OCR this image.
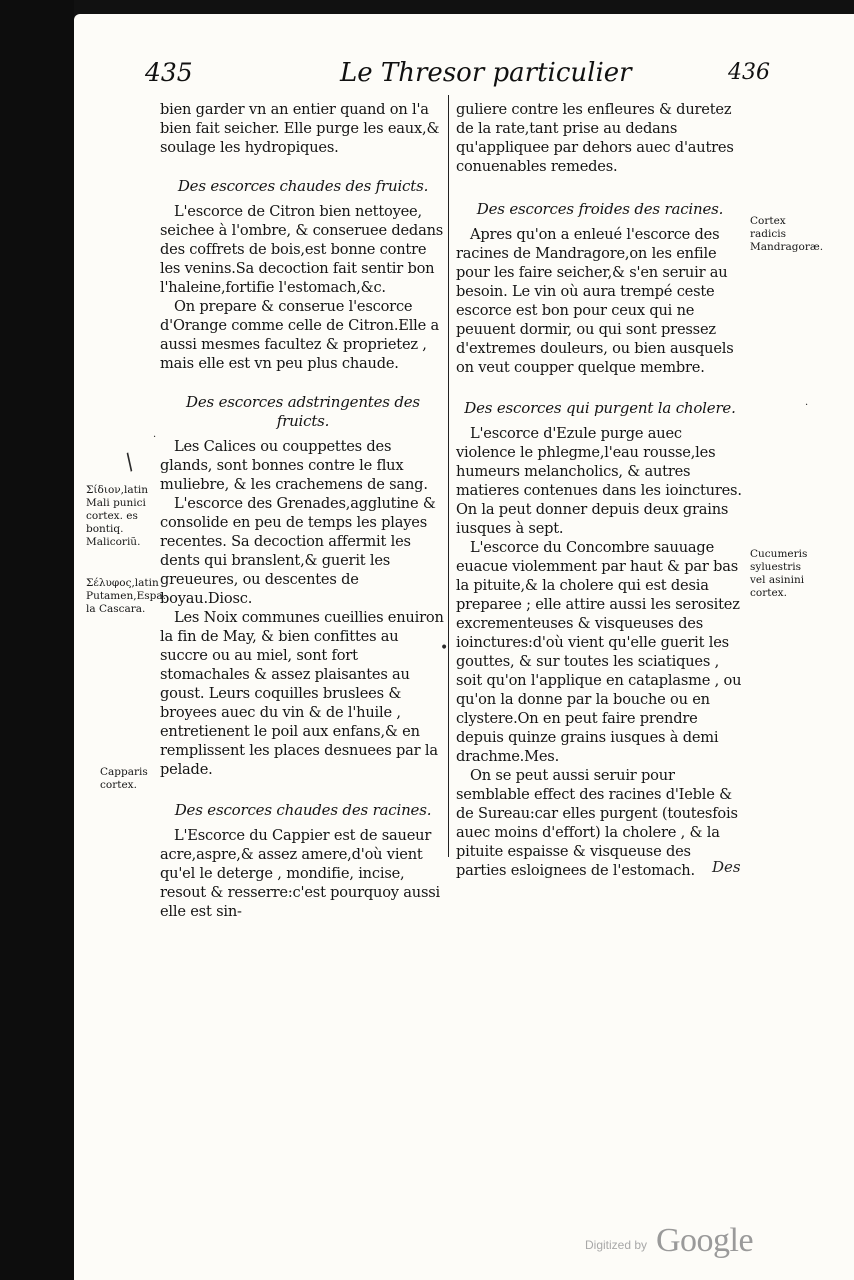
435	Le Thresor particulier	436

bien garder vn an entier quand on l'a bien fait seicher. Elle purge les eaux,& soulage les hydropiques.

Des escorces chaudes des fruicts.

L'escorce de Citron bien nettoyee, seichee à l'ombre, & conseruee dedans des coffrets de bois,est bonne contre les venins.Sa decoction fait sentir bon l'haleine,fortifie l'estomach,&c.

On prepare & conserue l'escorce d'Orange comme celle de Citron.Elle a aussi mesmes facultez & proprietez , mais elle est vn peu plus chaude.

Des escorces adstringentes des fruicts.

Les Calices ou couppettes des glands, sont bonnes contre le flux muliebre, & les crachemens de sang.

L'escorce des Grenades,agglutine & consolide en peu de temps les playes recentes. Sa decoction affermit les dents qui branslent,& guerit les greueures, ou descentes de boyau.Diosc.

Les Noix communes cueillies enuiron la fin de May, & bien confittes au succre ou au miel, sont fort stomachales & assez plaisantes au goust. Leurs coquilles bruslees & broyees auec du vin & de l'huile , entretienent le poil aux enfans,& en remplissent les places desnuees par la pelade.

Des escorces chaudes des racines.

L'Escorce du Cappier est de saueur acre,aspre,& assez amere,d'où vient qu'el le deterge , mondifie, incise, resout & resserre:c'est pourquoy aussi elle est sin-

guliere contre les enfleures & duretez de la rate,tant prise au dedans qu'appliquee par dehors auec d'autres conuenables remedes.

Des escorces froides des racines.

Apres qu'on a enleué l'escorce des racines de Mandragore,on les enfile pour les faire seicher,& s'en seruir au besoin. Le vin où aura trempé ceste escorce est bon pour ceux qui ne peuuent dormir, ou qui sont pressez d'extremes douleurs, ou bien ausquels on veut coupper quelque membre.

Des escorces qui purgent la cholere.

L'escorce d'Ezule purge auec violence le phlegme,l'eau rousse,les humeurs melancholics, & autres matieres contenues dans les ioinctures. On la peut donner depuis deux grains iusques à sept.

L'escorce du Concombre sauuage euacue violemment par haut & par bas la pituite,& la cholere qui est desia preparee ; elle attire aussi les serositez excrementeuses & visqueuses des ioinctures:d'où vient qu'elle guerit les gouttes, & sur toutes les sciatiques , soit qu'on l'applique en cataplasme , ou qu'on la donne par la bouche ou en clystere.On en peut faire prendre depuis quinze grains iusques à demi drachme.Mes.

On se peut aussi seruir pour semblable effect des racines d'Ieble & de Sureau:car elles purgent (toutesfois auec moins d'effort) la cholere , & la pituite espaisse & visqueuse des parties esloignees de l'estomach.

Σίδιον,latin Mali punici cortex. es bontiq. Malicoriũ.
Σέλυφος,latin Putamen,Espa. la Cascara.
Capparis cortex.
Cortex radicis Mandragoræ.
Cucumeris syluestris vel asinini cortex.
/
·
•
·
Des
Digitized by Google
